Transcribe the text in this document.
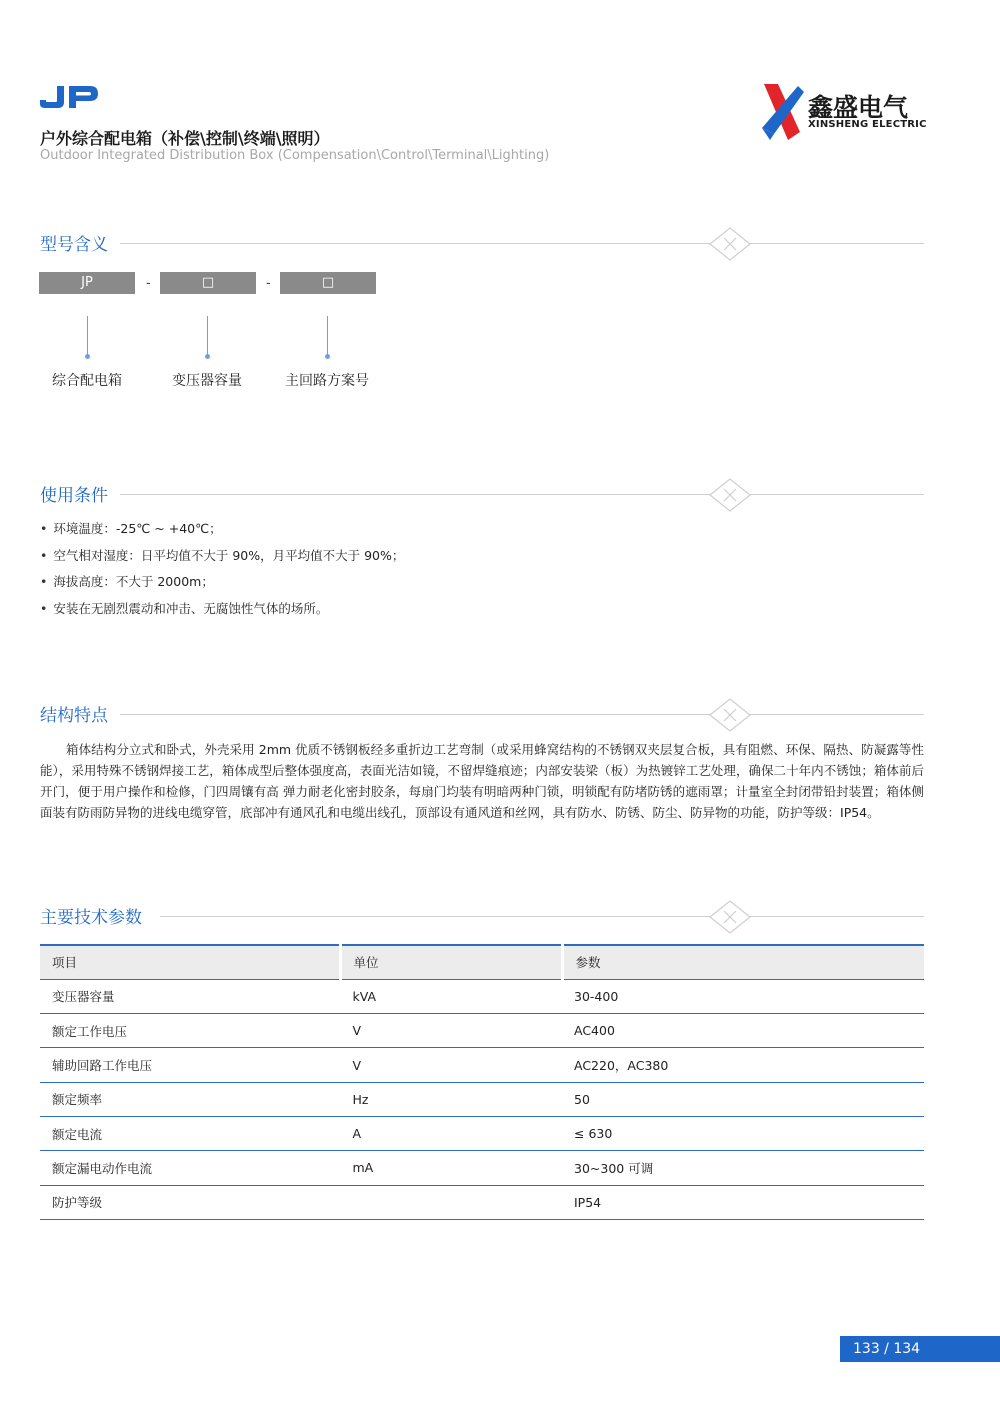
户外综合配电箱（补偿\控制\终端\照明）
Outdoor Integrated Distribution Box (Compensation\Control\Terminal\Lighting)
鑫盛电气
XINSHENG ELECTRIC
型号含义
JP	-	□	-	□
综合配电箱	变压器容量	主回路方案号
使用条件
• 环境温度：-25℃ ~ +40℃；
• 空气相对湿度：日平均值不大于 90%，月平均值不大于 90%；
• 海拔高度：不大于 2000m；
• 安装在无剧烈震动和冲击、无腐蚀性气体的场所。
结构特点

箱体结构分立式和卧式，外壳采用 2mm 优质不锈钢板经多重折边工艺弯制（或采用蜂窝结构的不锈钢双夹层复合板，具有阻燃、环保、隔热、防凝露等性能），采用特殊不锈钢焊接工艺，箱体成型后整体强度高，表面光洁如镜，不留焊缝痕迹；内部安装梁（板）为热镀锌工艺处理，确保二十年内不锈蚀；箱体前后开门，便于用户操作和检修，门四周镶有高 弹力耐老化密封胶条，每扇门均装有明暗两种门锁，明锁配有防堵防锈的遮雨罩；计量室全封闭带铅封装置；箱体侧面装有防雨防异物的进线电缆穿管，底部冲有通风孔和电缆出线孔，顶部设有通风道和丝网，具有防水、防锈、防尘、防异物的功能，防护等级：IP54。

主要技术参数
项目	单位	参数
变压器容量	kVA	30-400
额定工作电压	V	AC400
辅助回路工作电压	V	AC220，AC380
额定频率	Hz	50
额定电流	A	≤ 630
额定漏电动作电流	mA	30~300 可调
防护等级		IP54
133 / 134
